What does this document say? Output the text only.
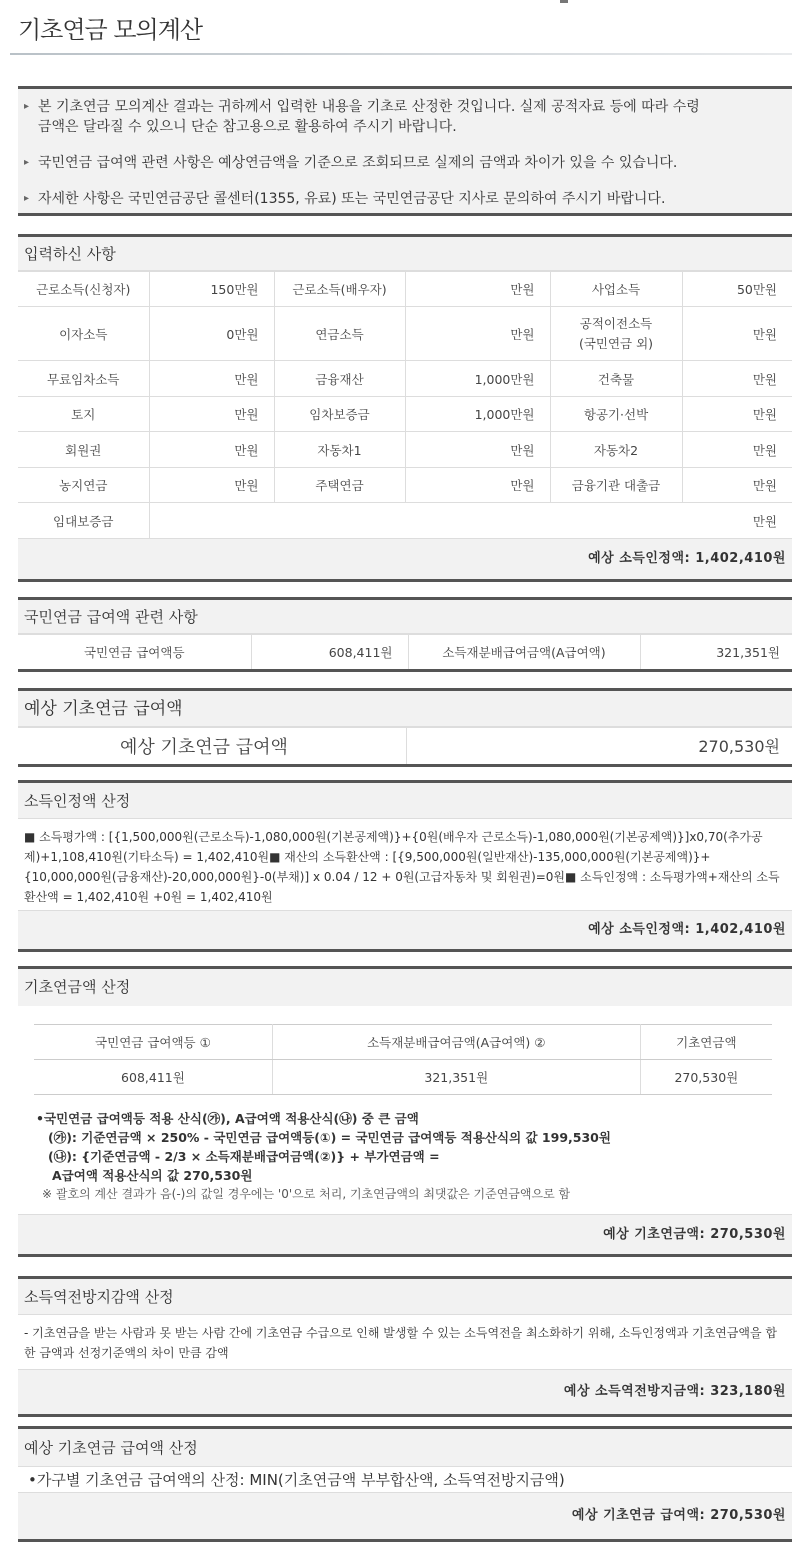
기초연금 모의계산
▸ 본 기초연금 모의계산 결과는 귀하께서 입력한 내용을 기초로 산정한 것입니다. 실제 공적자료 등에 따라 수령금액은 달라질 수 있으니 단순 참고용으로 활용하여 주시기 바랍니다.
▸ 국민연금 급여액 관련 사항은 예상연금액을 기준으로 조회되므로 실제의 금액과 차이가 있을 수 있습니다.
▸ 자세한 사항은 국민연금공단 콜센터(1355, 유료) 또는 국민연금공단 지사로 문의하여 주시기 바랍니다.
입력하신 사항
근로소득(신청자)	150만원	근로소득(배우자)	만원	사업소득	50만원
이자소득	0만원	연금소득	만원	공적이전소득
(국민연금 외)	만원
무료임차소득	만원	금융재산	1,000만원	건축물	만원
토지	만원	임차보증금	1,000만원	항공기·선박	만원
회원권	만원	자동차1	만원	자동차2	만원
농지연금	만원	주택연금	만원	금융기관 대출금	만원
임대보증금	만원				
예상 소득인정액: 1,402,410원
국민연금 급여액 관련 사항
국민연금 급여액등	608,411원	소득재분배급여금액(A급여액)	321,351원
예상 기초연금 급여액
예상 기초연금 급여액	270,530원
소득인정액 산정
■ 소득평가액 : [{1,500,000원(근로소득)-1,080,000원(기본공제액)}+{0원(배우자 근로소득)-1,080,000원(기본공제액)}]x0,70(추가공제)+1,108,410원(기타소득) = 1,402,410원■ 재산의 소득환산액 : [{9,500,000원(일반재산)-135,000,000원(기본공제액)}+{10,000,000원(금융재산)-20,000,000원}-0(부채)] x 0.04 / 12 + 0원(고급자동차 및 회원권)=0원■ 소득인정액 : 소득평가액+재산의 소득환산액 = 1,402,410원 +0원 = 1,402,410원
예상 소득인정액: 1,402,410원
기초연금액 산정
국민연금 급여액등 ①	소득재분배급여금액(A급여액) ②	기초연금액
608,411원	321,351원	270,530원
•국민연금 급여액등 적용 산식(㉮), A급여액 적용산식(㉯) 중 큰 금액
(㉮): 기준연금액 × 250% - 국민연금 급여액등(①) = 국민연금 급여액등 적용산식의 값 199,530원
(㉯): {기준연금액 - 2/3 × 소득재분배급여금액(②)} + 부가연금액 =
A급여액 적용산식의 값 270,530원
※ 괄호의 계산 결과가 음(-)의 값일 경우에는 '0'으로 처리, 기초연금액의 최댓값은 기준연금액으로 함
예상 기초연금액: 270,530원
소득역전방지감액 산정
- 기초연금을 받는 사람과 못 받는 사람 간에 기초연금 수급으로 인해 발생할 수 있는 소득역전을 최소화하기 위해, 소득인정액과 기초연금액을 합한 금액과 선정기준액의 차이 만큼 감액
예상 소득역전방지금액: 323,180원
예상 기초연금 급여액 산정
•가구별 기초연금 급여액의 산정: MIN(기초연금액 부부합산액, 소득역전방지금액)
예상 기초연금 급여액: 270,530원
